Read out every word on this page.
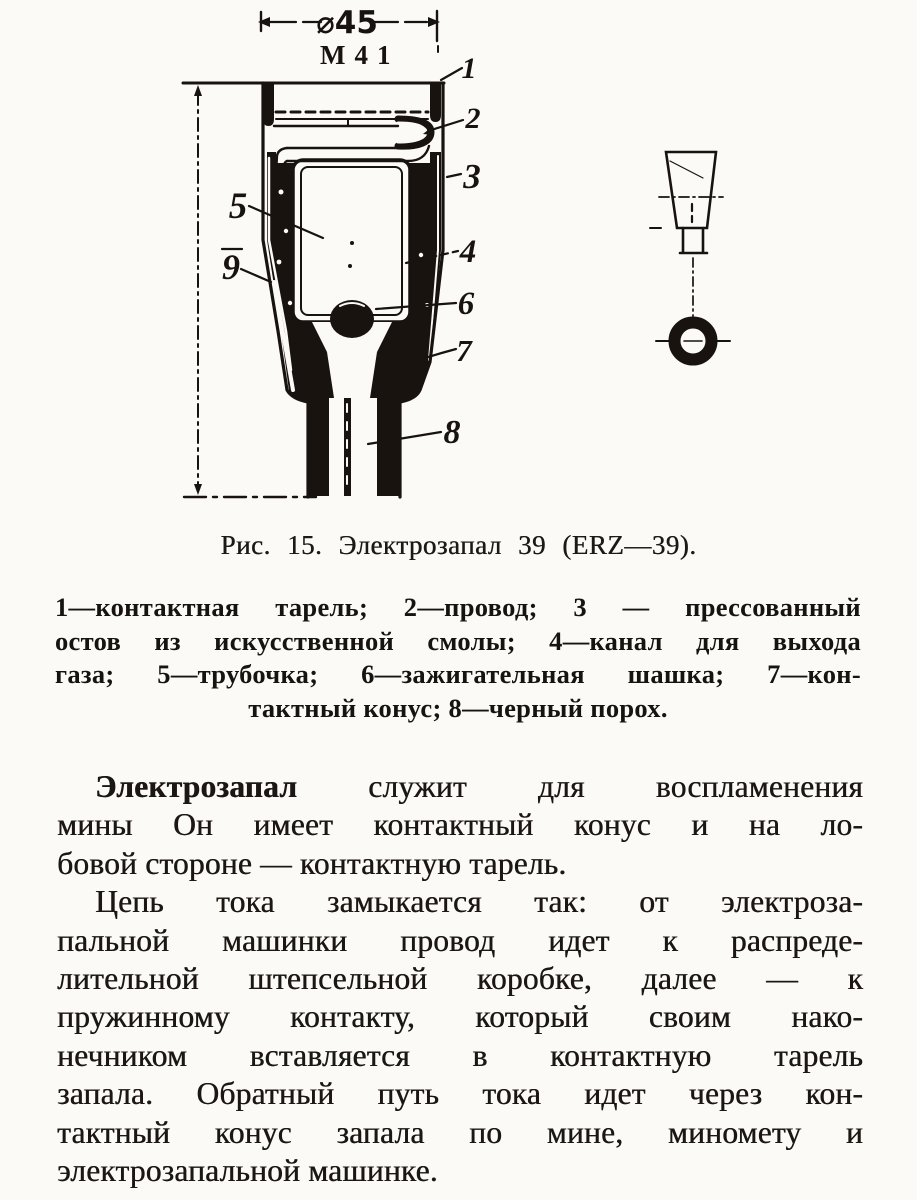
⌀45
М41 1
2
3
4
5
6
7
8
9
Рис. 15. Электрозапал 39 (ERZ—39).
1—контактная тарель; 2—провод; 3 — прессованный
остов из искусственной смолы; 4—канал для выхода
газа; 5—трубочка; 6—зажигательная шашка; 7—кон-
тактный конус; 8—черный порох.
Электрозапал служит для воспламенения
мины Он имеет контактный конус и на ло-
бовой стороне — контактную тарель.
Цепь тока замыкается так: от электроза-
пальной машинки провод идет к распреде-
лительной штепсельной коробке, далее — к
пружинному контакту, который своим нако-
нечником вставляется в контактную тарель
запала. Обратный путь тока идет через кон-
тактный конус запала по мине, миномету и
электрозапальной машинке.
